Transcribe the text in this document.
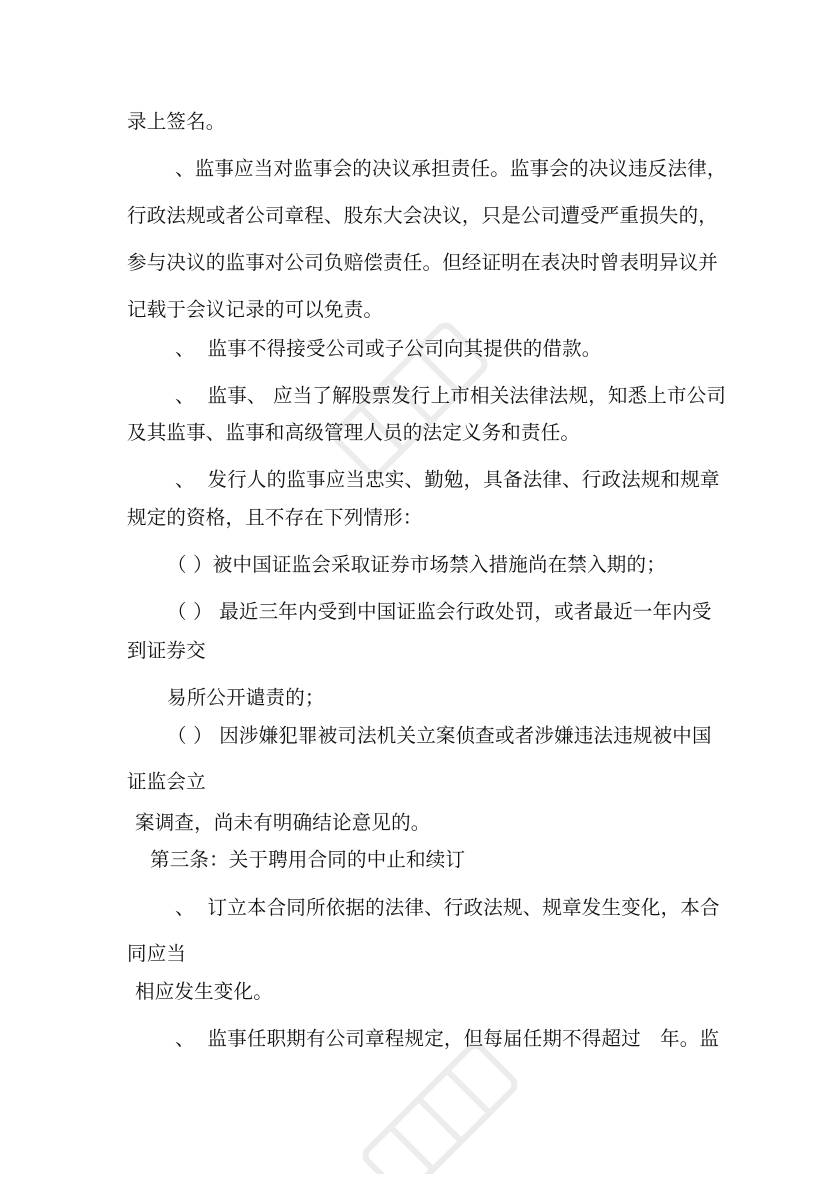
录上签名。
、监事应当对监事会的决议承担责任。监事会的决议违反法律，
行政法规或者公司章程、股东大会决议，只是公司遭受严重损失的，
参与决议的监事对公司负赔偿责任。但经证明在表决时曾表明异议并
记载于会议记录的可以免责。
、  监事不得接受公司或子公司向其提供的借款。
、  监事、 应当了解股票发行上市相关法律法规，知悉上市公司
及其监事、监事和高级管理人员的法定义务和责任。
、  发行人的监事应当忠实、勤勉，具备法律、行政法规和规章
规定的资格，且不存在下列情形：
（ ）被中国证监会采取证券市场禁入措施尚在禁入期的；
（ ） 最近三年内受到中国证监会行政处罚，或者最近一年内受
到证券交
易所公开谴责的；
（ ） 因涉嫌犯罪被司法机关立案侦查或者涉嫌违法违规被中国
证监会立
案调查，尚未有明确结论意见的。
第三条：关于聘用合同的中止和续订
、  订立本合同所依据的法律、行政法规、规章发生变化，本合
同应当
相应发生变化。
、  监事任职期有公司章程规定，但每届任期不得超过   年。监
